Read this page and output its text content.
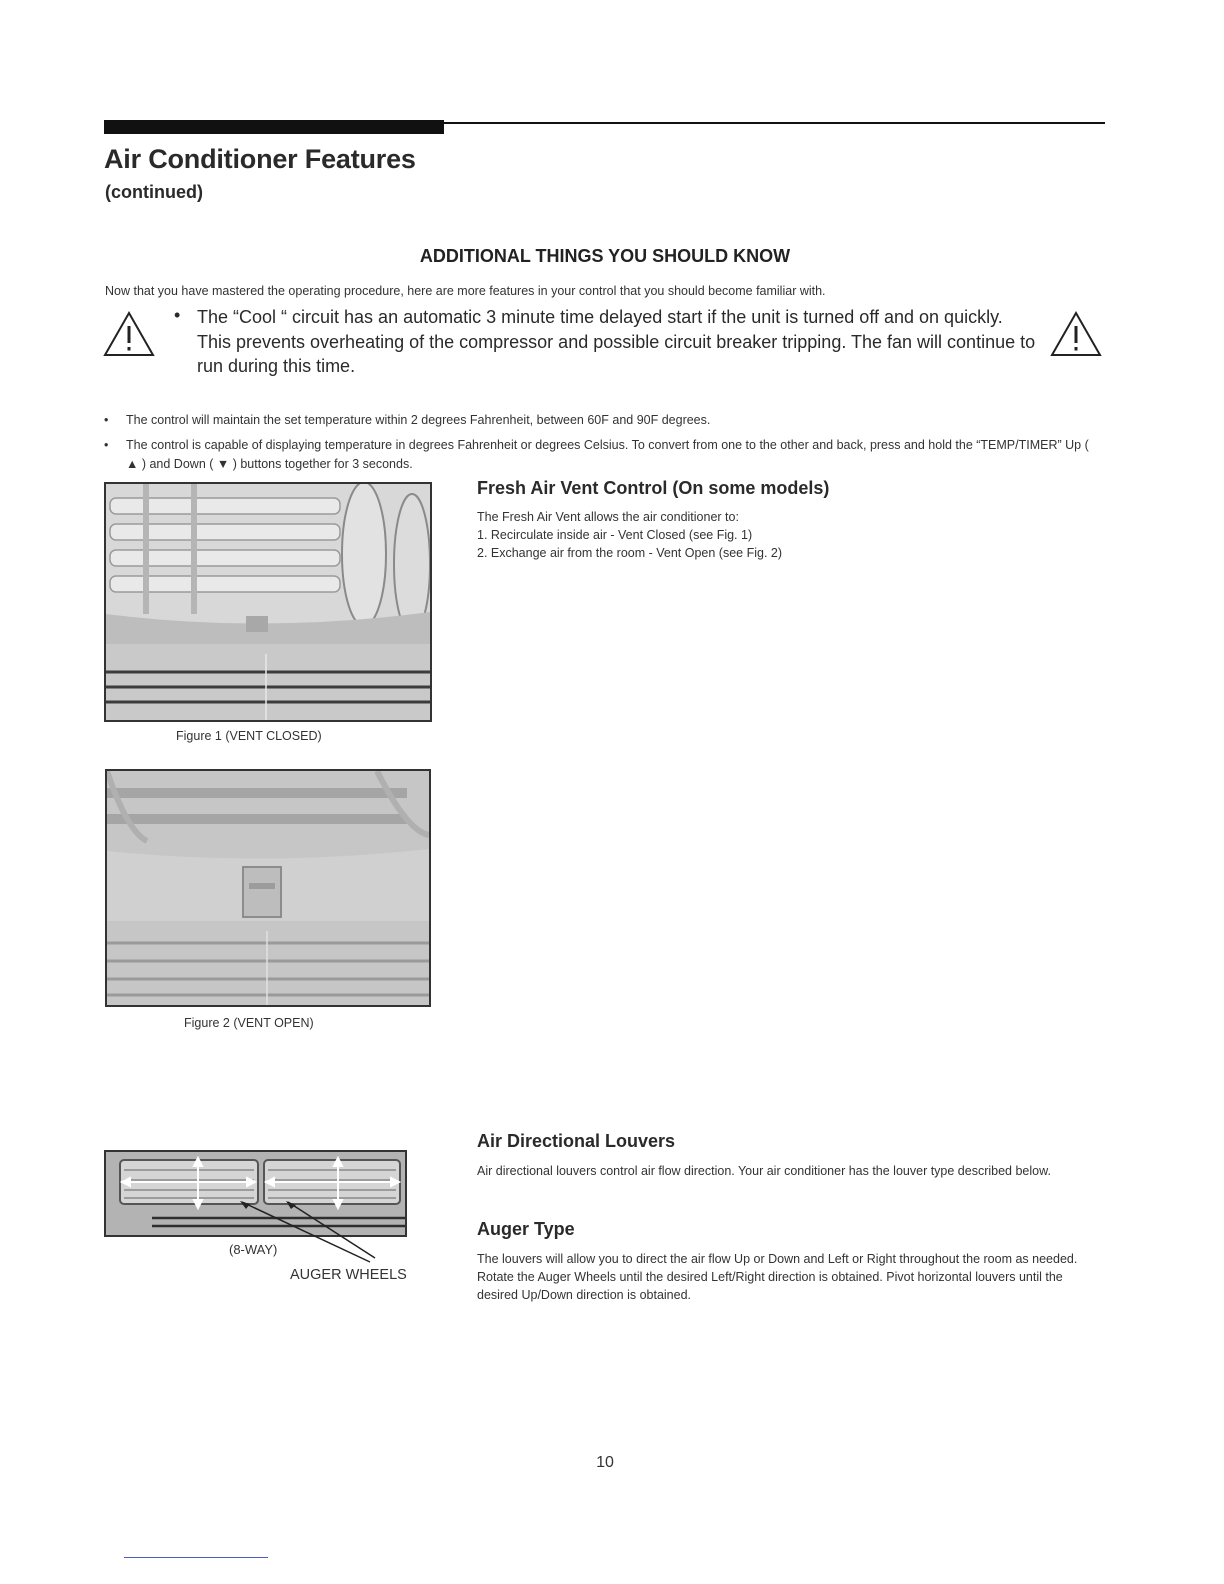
Air Conditioner Features
(continued)
ADDITIONAL THINGS YOU SHOULD KNOW
Now that you have mastered the operating procedure, here are more features in your control that you should become familiar with.
• The “Cool “ circuit has an automatic 3 minute time delayed start if the unit is turned off and on quickly. This prevents overheating of the compressor and possible circuit breaker tripping. The fan will continue to run during this time.
• The control will maintain the set temperature within 2 degrees Fahrenheit, between 60F and 90F degrees.
• The control is capable of displaying temperature in degrees Fahrenheit or degrees Celsius. To convert from one to the other and back, press and hold the “TEMP/TIMER” Up ( ▲ ) and Down ( ▼ ) buttons together for 3 seconds.
Figure 1 (VENT CLOSED)
Figure 2 (VENT OPEN)
(8-WAY)
AUGER WHEELS
Fresh Air Vent Control (On some models)
The Fresh Air Vent allows the air conditioner to:
1. Recirculate inside air - Vent Closed (see Fig. 1)
2. Exchange air from the room - Vent Open (see Fig. 2)
Air Directional Louvers
Air directional louvers control air flow direction. Your air conditioner has the louver type described below.
Auger Type
The louvers will allow you to direct the air flow Up or Down and Left or Right throughout the room as needed. Rotate the Auger Wheels until the desired Left/Right direction is obtained. Pivot horizontal louvers until the desired Up/Down direction is obtained.
10
